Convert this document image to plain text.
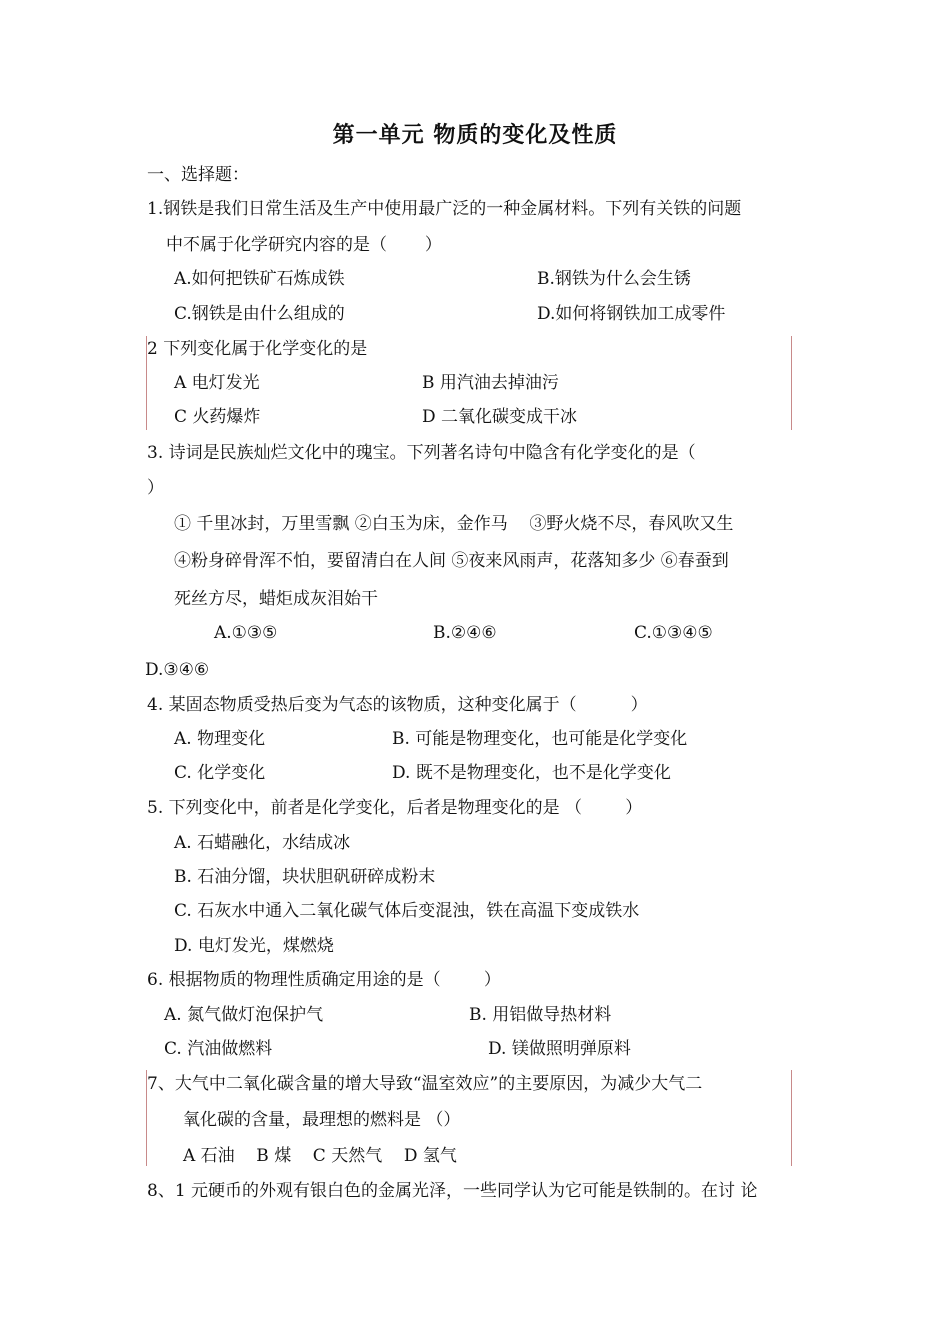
第一单元 物质的变化及性质
一、选择题：
1.钢铁是我们日常生活及生产中使用最广泛的一种金属材料。下列有关铁的问题
中不属于化学研究内容的是（       ）
A.如何把铁矿石炼成铁	B.钢铁为什么会生锈
C.钢铁是由什么组成的	D.如何将钢铁加工成零件
2 下列变化属于化学变化的是
A 电灯发光	B 用汽油去掉油污
C 火药爆炸	D 二氧化碳变成干冰
3. 诗词是民族灿烂文化中的瑰宝。下列著名诗句中隐含有化学变化的是（
）
① 千里冰封，万里雪飘 ②白玉为床，金作马    ③野火烧不尽，春风吹又生
④粉身碎骨浑不怕，要留清白在人间 ⑤夜来风雨声，花落知多少 ⑥春蚕到
死丝方尽，蜡炬成灰泪始干
A.①③⑤	B.②④⑥	C.①③④⑤
D.③④⑥
4. 某固态物质受热后变为气态的该物质，这种变化属于（          ）
A. 物理变化	B. 可能是物理变化，也可能是化学变化
C. 化学变化	D. 既不是物理变化，也不是化学变化
5. 下列变化中，前者是化学变化，后者是物理变化的是 （        ）
A. 石蜡融化，水结成冰
B. 石油分馏，块状胆矾研碎成粉末
C. 石灰水中通入二氧化碳气体后变混浊，铁在高温下变成铁水
D. 电灯发光，煤燃烧
6. 根据物质的物理性质确定用途的是（        ）
A. 氮气做灯泡保护气	B. 用铝做导热材料
C. 汽油做燃料	D. 镁做照明弹原料
7、大气中二氧化碳含量的增大导致“温室效应”的主要原因，为减少大气二
氧化碳的含量，最理想的燃料是 （）
A 石油    B 煤    C 天然气    D 氢气
8、1 元硬币的外观有银白色的金属光泽，一些同学认为它可能是铁制的。在讨 论
